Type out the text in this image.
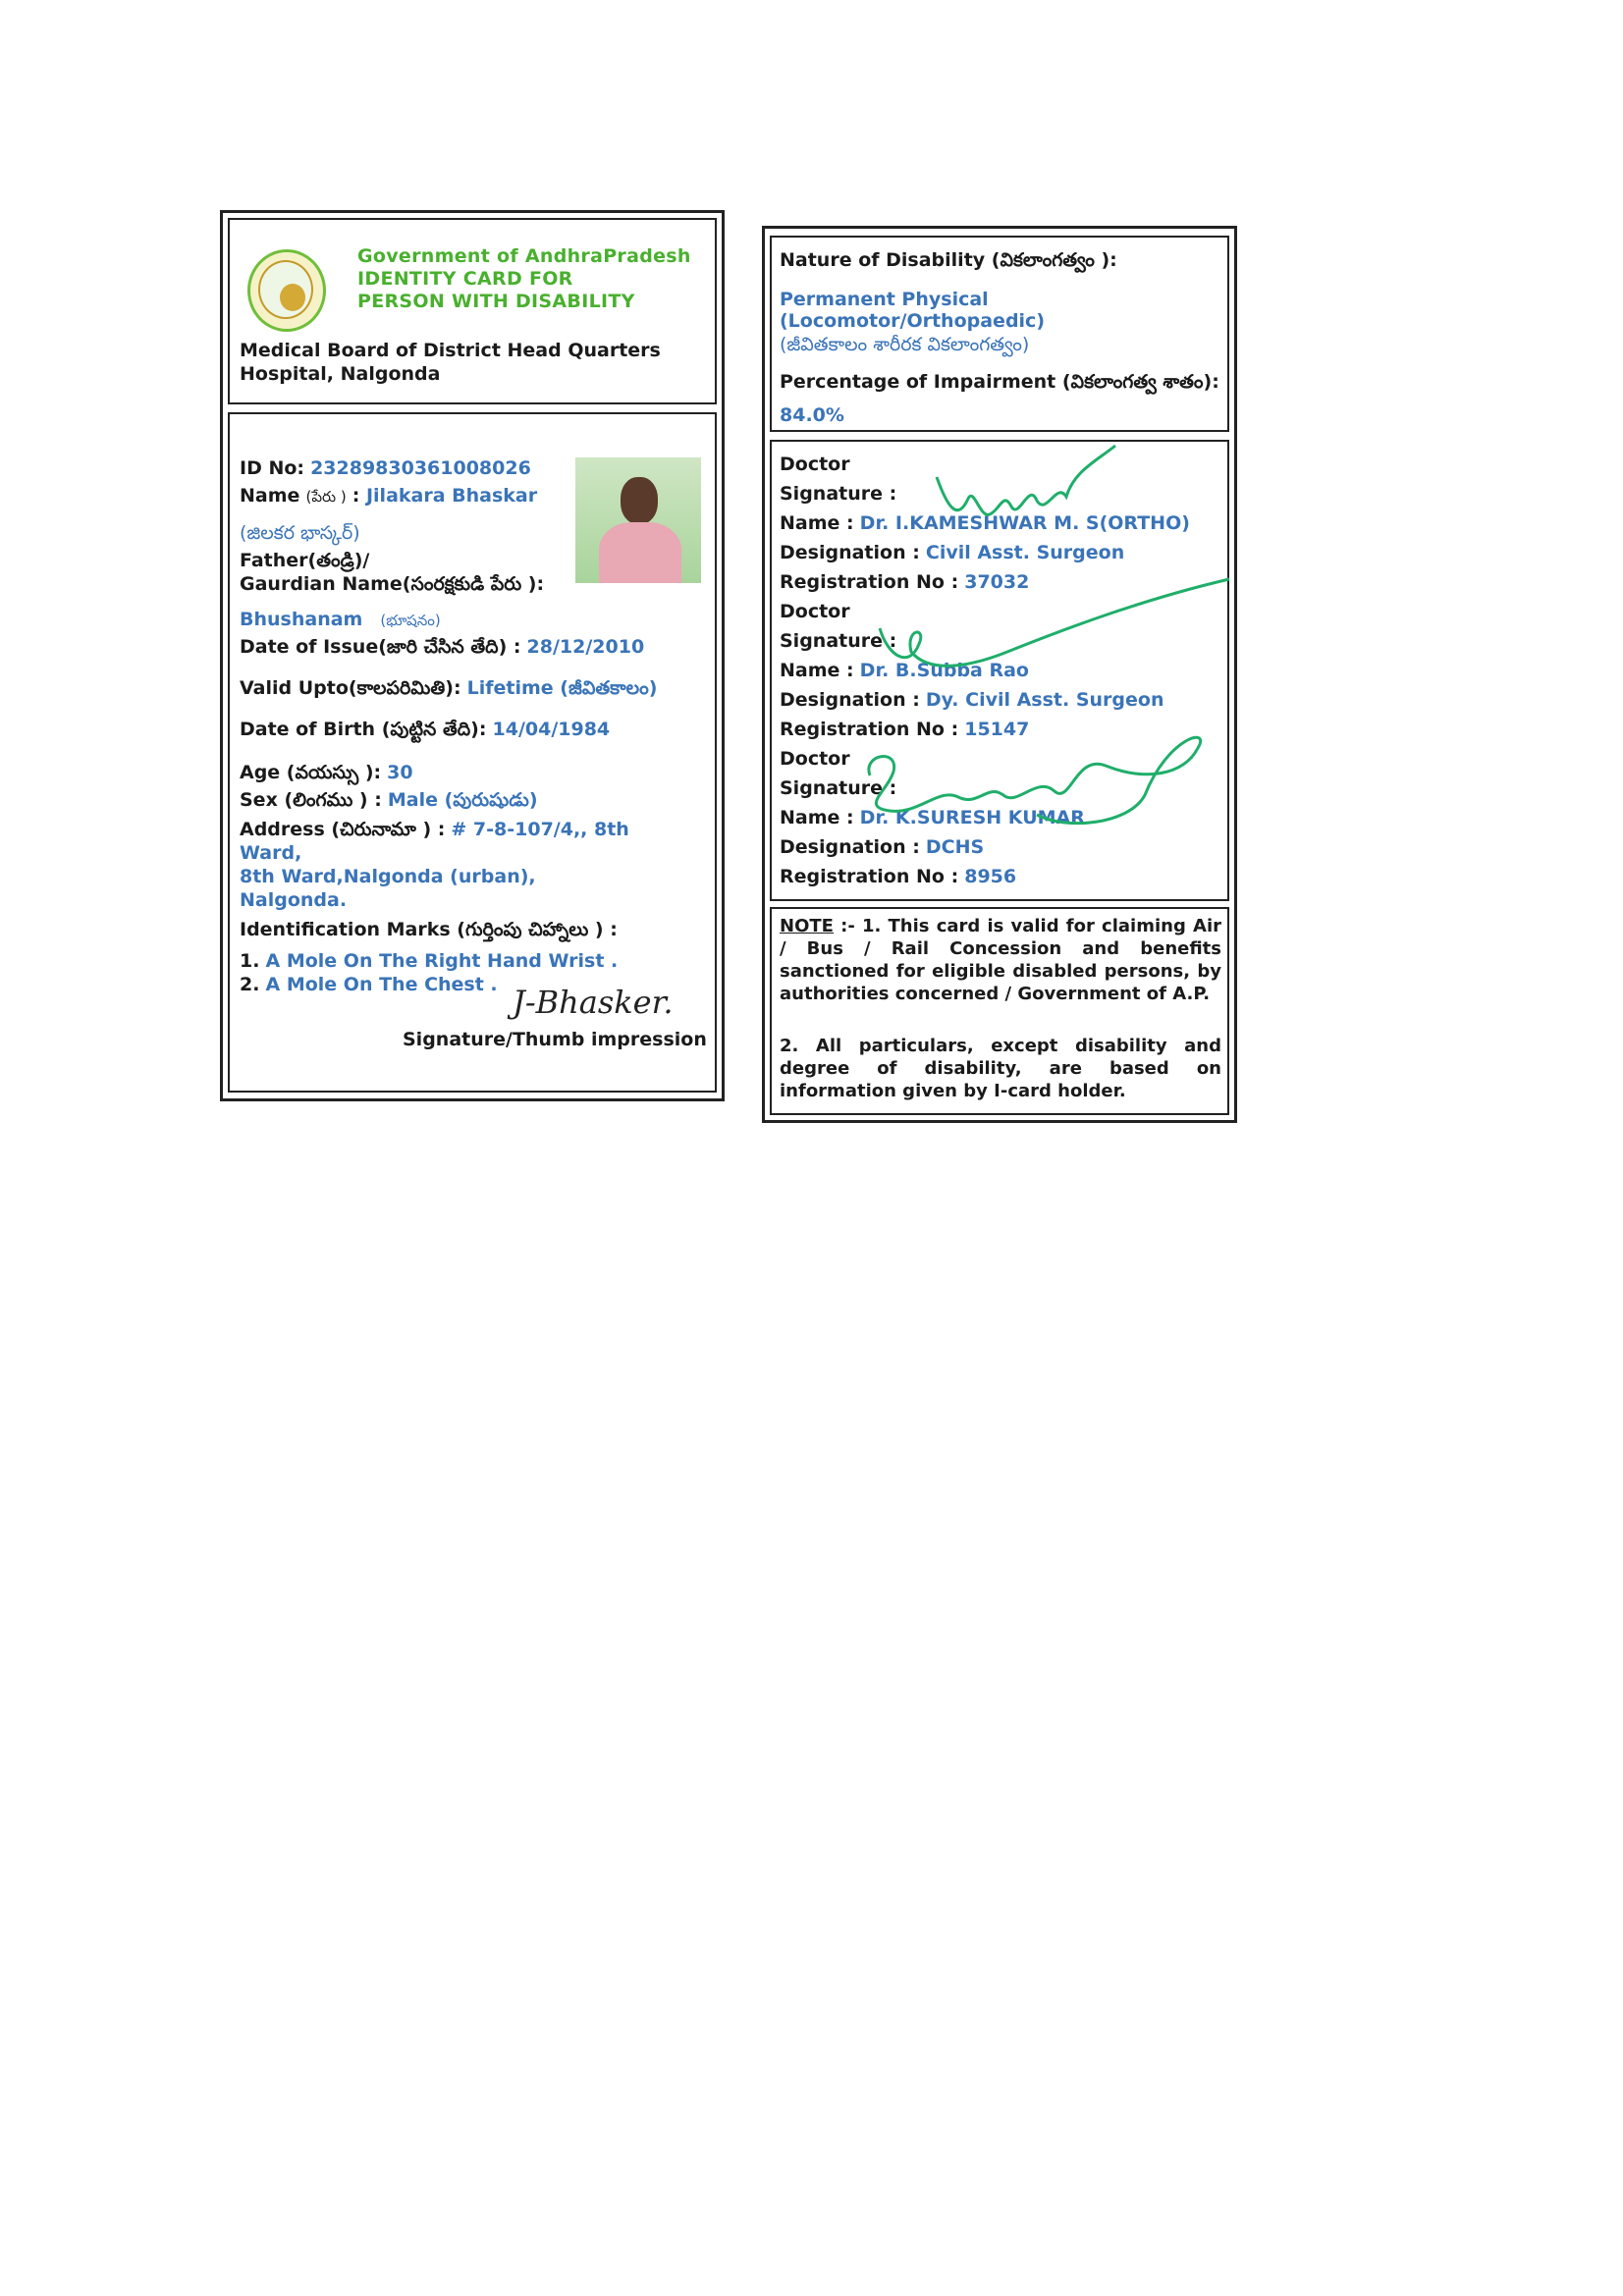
Government of AndhraPradesh
IDENTITY CARD FOR
PERSON WITH DISABILITY
Medical Board of District Head Quarters
Hospital, Nalgonda
ID No: 23289830361008026
Name (పేరు ) : Jilakara Bhaskar
(జిలకర భాస్కర్)
Father(తండ్రి)/
Gaurdian Name(సంరక్షకుడి పేరు ):
Bhushanam (భూషనం)
Date of Issue(జారి చేసిన తేది) : 28/12/2010
Valid Upto(కాలపరిమితి): Lifetime (జీవితకాలం)
Date of Birth (పుట్టిన తేది): 14/04/1984
Age (వయస్సు ): 30
Sex (లింగము ) : Male (పురుషుడు)
Address (చిరునామా ) : # 7-8-107/4,, 8th
Ward,
8th Ward,Nalgonda (urban),
Nalgonda.
Identification Marks (గుర్తింపు చిహ్నాలు ) :
1. A Mole On The Right Hand Wrist .
2. A Mole On The Chest . J-Bhasker.
Signature/Thumb impression
Nature of Disability (వికలాంగత్వం ):
Permanent Physical
(Locomotor/Orthopaedic)
(జీవితకాలం శారీరక వికలాంగత్వం)
Percentage of Impairment (వికలాంగత్వ శాతం):
84.0%
Doctor
Signature :
Name : Dr. I.KAMESHWAR M. S(ORTHO)
Designation : Civil Asst. Surgeon
Registration No : 37032
Doctor
Signature :
Name : Dr. B.Subba Rao
Designation : Dy. Civil Asst. Surgeon
Registration No : 15147
Doctor
Signature :
Name : Dr. K.SURESH KUMAR
Designation : DCHS
Registration No : 8956
NOTE :- 1. This card is valid for claiming Air / Bus / Rail Concession and benefits sanctioned for eligible disabled persons, by authorities concerned / Government of A.P.
2. All particulars, except disability and degree of disability, are based on information given by I-card holder.
